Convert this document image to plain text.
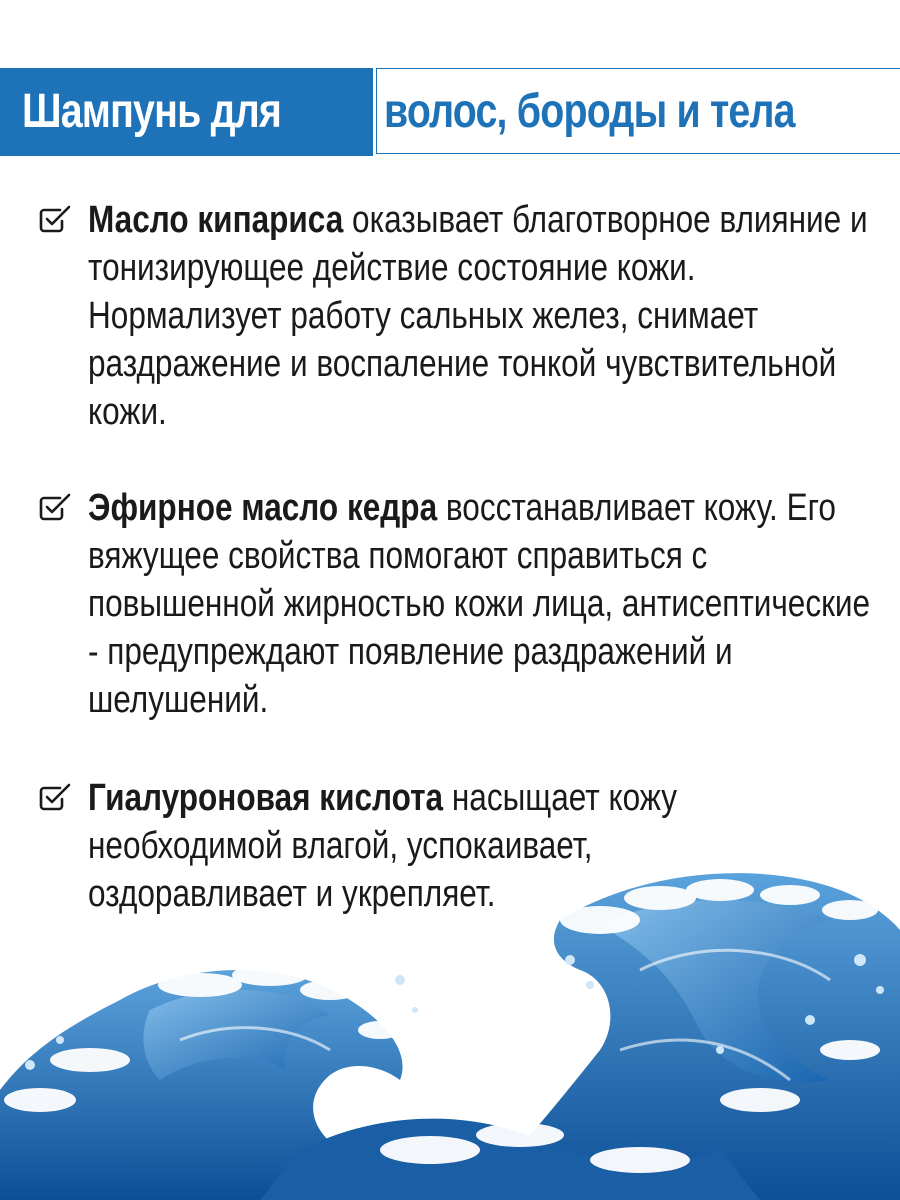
Шампунь для волос, бороды и тела
Масло кипариса оказывает благотворное влияние и тонизирующее действие состояние кожи. Нормализует работу сальных желез, снимает раздражение и воспаление тонкой чувствительной кожи.
Эфирное масло кедра восстанавливает кожу. Его вяжущее свойства помогают справиться с повышенной жирностью кожи лица, антисептические - предупреждают появление раздражений и шелушений.
Гиалуроновая кислота насыщает кожу необходимой влагой, успокаивает, оздоравливает и укрепляет.
